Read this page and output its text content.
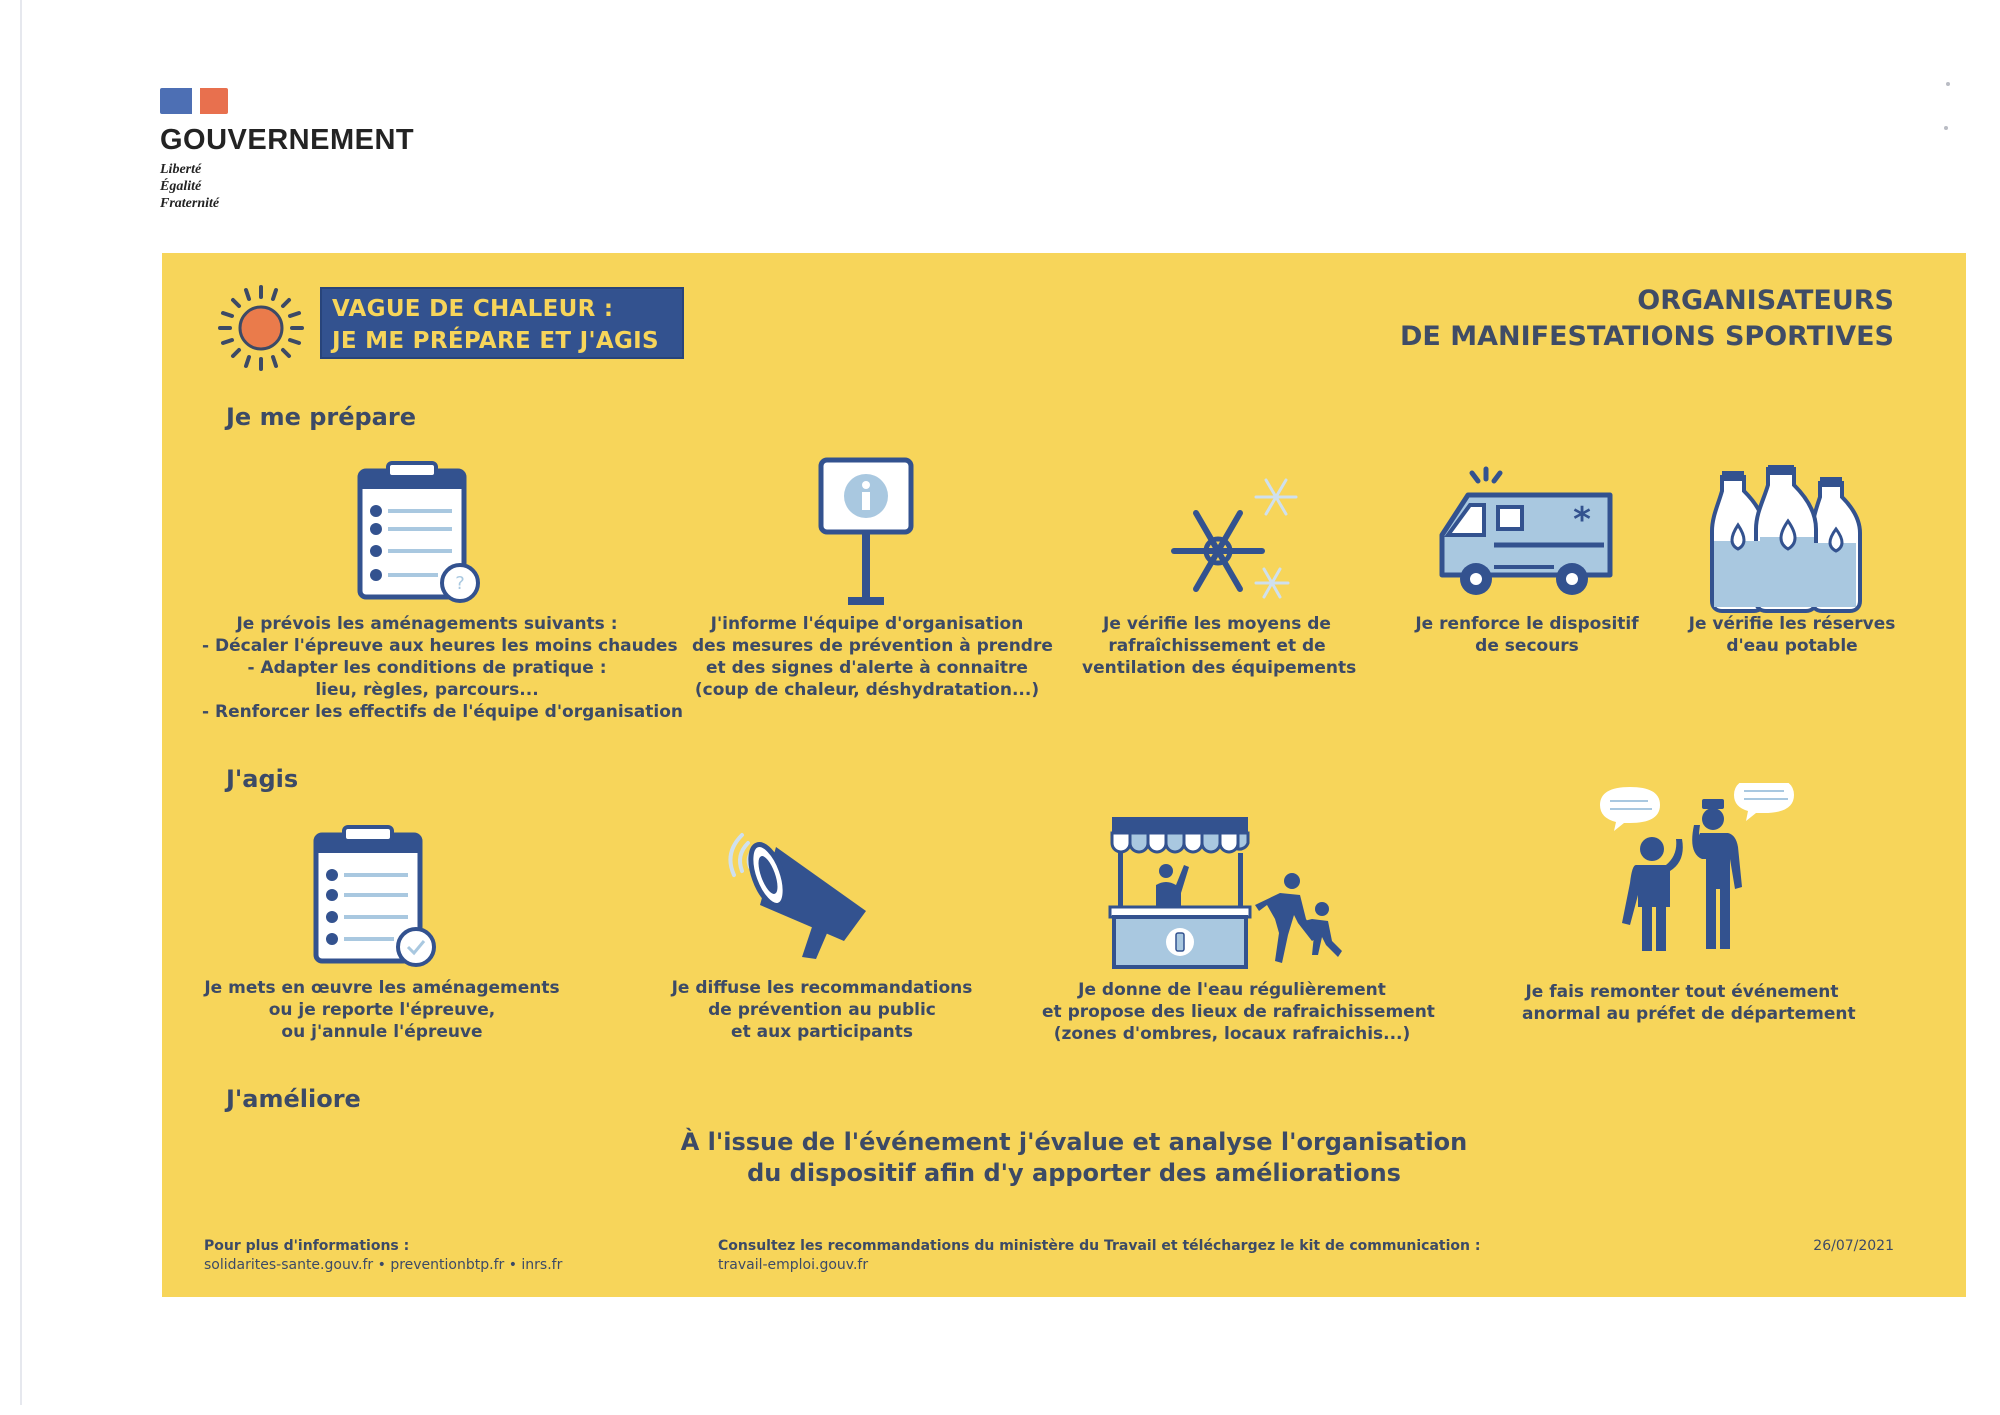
GOUVERNEMENT
Liberté
Égalité
Fraternité
VAGUE DE CHALEUR :
JE ME PRÉPARE ET J'AGIS
ORGANISATEURS
DE MANIFESTATIONS SPORTIVES
Je me prépare
?
Je prévois les aménagements suivants :
- Décaler l'épreuve aux heures les moins chaudes
- Adapter les conditions de pratique :
lieu, règles, parcours...
- Renforcer les effectifs de l'équipe d'organisation
J'informe l'équipe d'organisation
des mesures de prévention à prendre
et des signes d'alerte à connaitre
(coup de chaleur, déshydratation...)
Je vérifie les moyens de
rafraîchissement et de
ventilation des équipements
*
Je renforce le dispositif
de secours
Je vérifie les réserves
d'eau potable
J'agis
Je mets en œuvre les aménagements
ou je reporte l'épreuve,
ou j'annule l'épreuve
Je diffuse les recommandations
de prévention au public
et aux participants
Je donne de l'eau régulièrement
et propose des lieux de rafraichissement
(zones d'ombres, locaux rafraichis...)
Je fais remonter tout événement
anormal au préfet de département
J'améliore
À l'issue de l'événement j'évalue et analyse l'organisation
du dispositif afin d'y apporter des améliorations
Pour plus d'informations :
solidarites-sante.gouv.fr • preventionbtp.fr • inrs.fr
Consultez les recommandations du ministère du Travail et téléchargez le kit de communication :
travail-emploi.gouv.fr
26/07/2021
